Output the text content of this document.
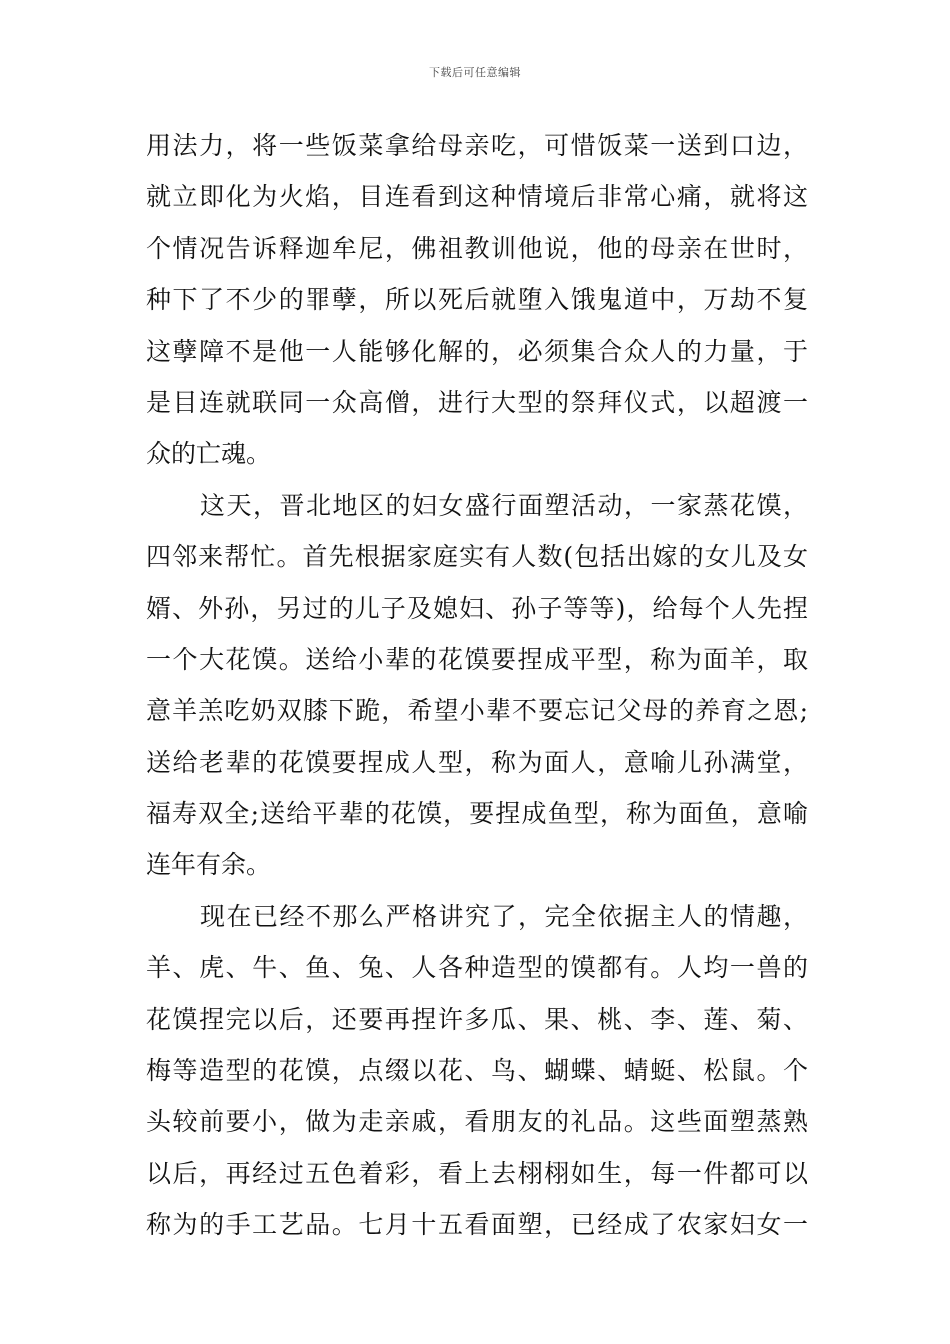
下载后可任意编辑
用法力，将一些饭菜拿给母亲吃，可惜饭菜一送到口边，
就立即化为火焰，目连看到这种情境后非常心痛，就将这
个情况告诉释迦牟尼，佛祖教训他说，他的母亲在世时，
种下了不少的罪孽，所以死后就堕入饿鬼道中，万劫不复
这孽障不是他一人能够化解的，必须集合众人的力量，于
是目连就联同一众高僧，进行大型的祭拜仪式，以超渡一
众的亡魂。
这天，晋北地区的妇女盛行面塑活动，一家蒸花馍，
四邻来帮忙。首先根据家庭实有人数(包括出嫁的女儿及女
婿、外孙，另过的儿子及媳妇、孙子等等)，给每个人先捏
一个大花馍。送给小辈的花馍要捏成平型，称为面羊，取
意羊羔吃奶双膝下跪，希望小辈不要忘记父母的养育之恩;
送给老辈的花馍要捏成人型，称为面人，意喻儿孙满堂，
福寿双全;送给平辈的花馍，要捏成鱼型，称为面鱼，意喻
连年有余。
现在已经不那么严格讲究了，完全依据主人的情趣，
羊、虎、牛、鱼、兔、人各种造型的馍都有。人均一兽的
花馍捏完以后，还要再捏许多瓜、果、桃、李、莲、菊、
梅等造型的花馍，点缀以花、鸟、蝴蝶、蜻蜓、松鼠。个
头较前要小，做为走亲戚，看朋友的礼品。这些面塑蒸熟
以后，再经过五色着彩，看上去栩栩如生，每一件都可以
称为的手工艺品。七月十五看面塑，已经成了农家妇女一
